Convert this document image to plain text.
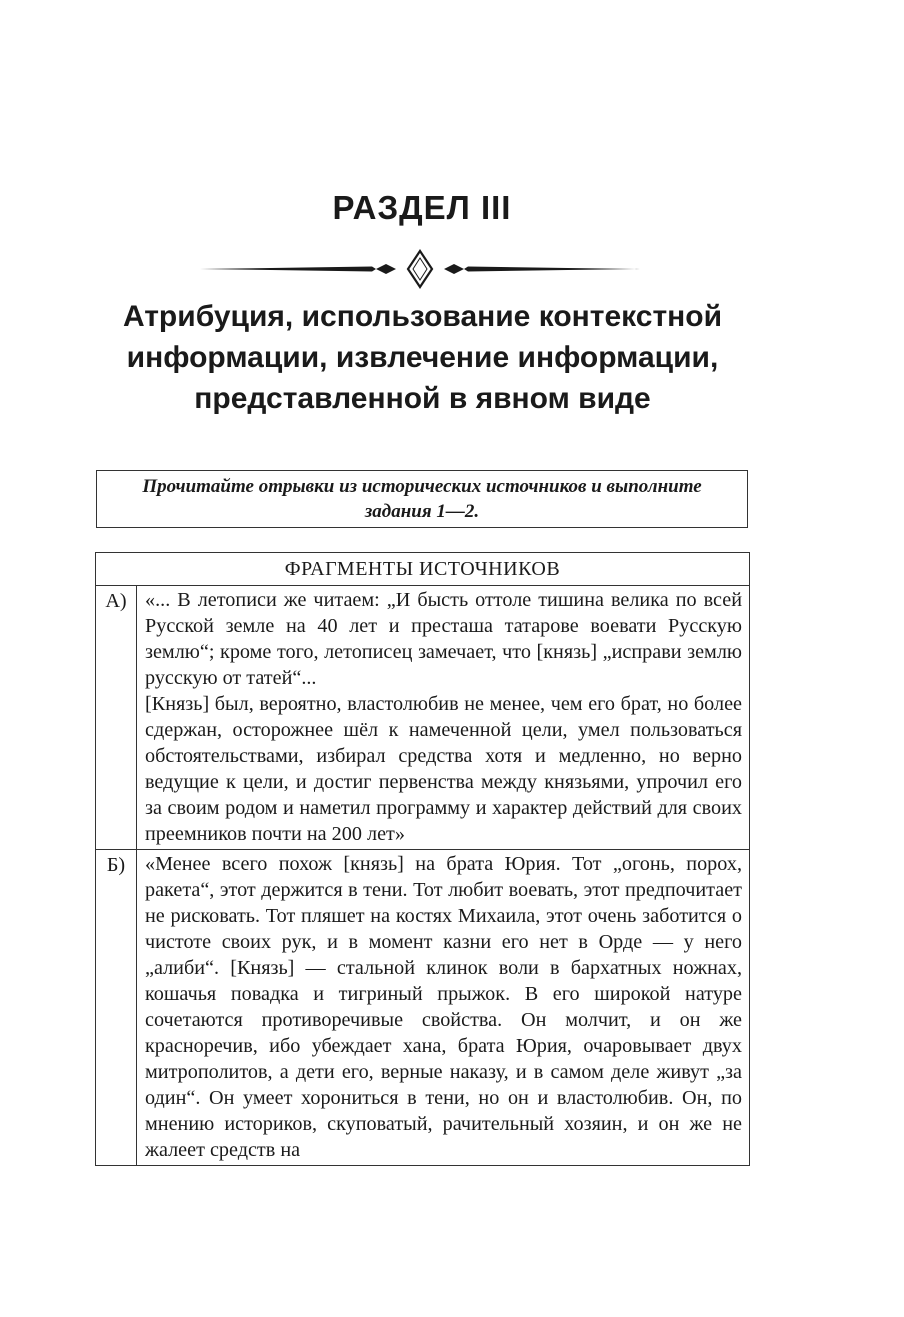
РАЗДЕЛ III
Атрибуция, использование контекстной информации, извлечение информации, представленной в явном виде
Прочитайте отрывки из исторических источников и выполните задания 1—2.
ФРАГМЕНТЫ ИСТОЧНИКОВ	
А)	«... В летописи же читаем: „И бысть оттоле тишина велика по всей Русской земле на 40 лет и престаша татарове воевати Русскую землю“; кроме того, летописец замечает, что [князь] „исправи землю русскую от татей“...
[Князь] был, вероятно, властолюбив не менее, чем его брат, но более сдержан, осторожнее шёл к намеченной цели, умел пользоваться обстоятельствами, избирал средства хотя и медленно, но верно ведущие к цели, и достиг первенства между князьями, упрочил его за своим родом и наметил программу и характер действий для своих преемников почти на 200 лет»

Б)	«Менее всего похож [князь] на брата Юрия. Тот „огонь, порох, ракета“, этот держится в тени. Тот любит воевать, этот предпочитает не рисковать. Тот пляшет на костях Михаила, этот очень заботится о чистоте своих рук, и в момент казни его нет в Орде — у него „алиби“. [Князь] — стальной клинок воли в бархатных ножнах, кошачья повадка и тигриный прыжок. В его широкой натуре сочетаются противоречивые свойства. Он молчит, и он же красноречив, ибо убеждает хана, брата Юрия, очаровывает двух митрополитов, а дети его, верные наказу, и в самом деле живут „за один“. Он умеет хорониться в тени, но он и властолюбив. Он, по мнению историков, скуповатый, рачительный хозяин, и он же не жалеет средств на
